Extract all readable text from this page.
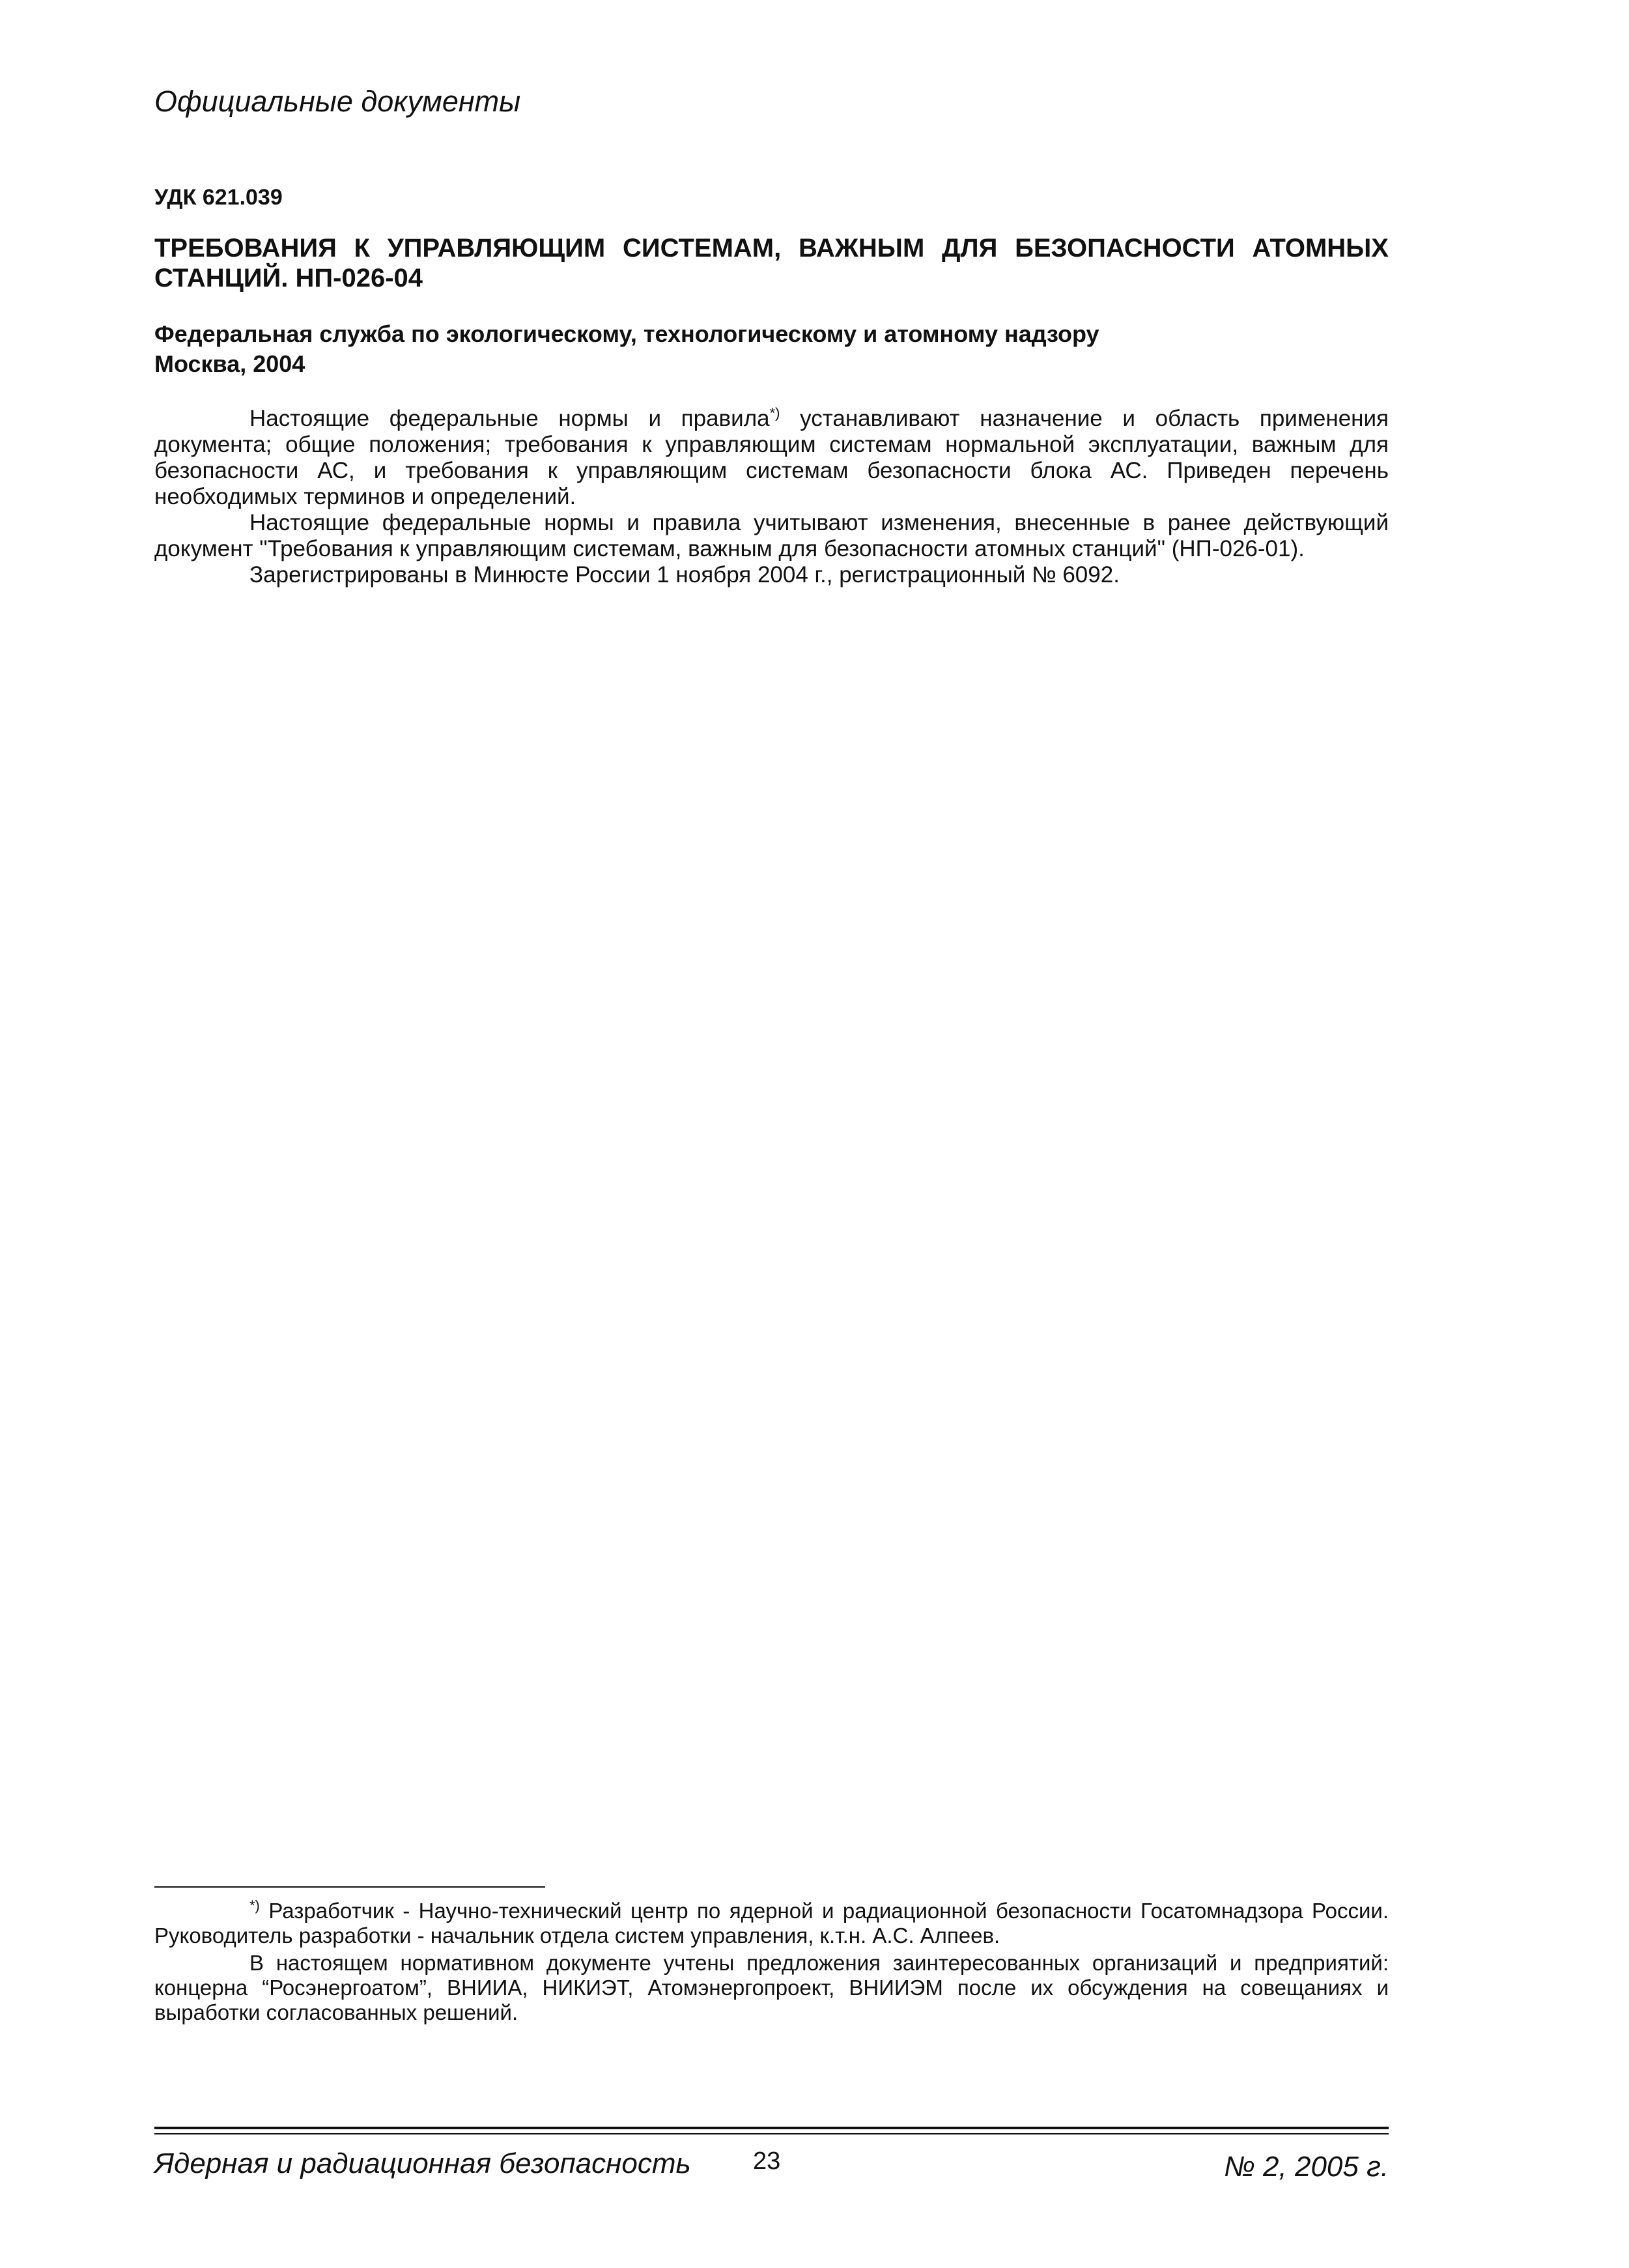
Официальные документы
УДК 621.039
ТРЕБОВАНИЯ К УПРАВЛЯЮЩИМ СИСТЕМАМ, ВАЖНЫМ ДЛЯ БЕЗОПАСНОСТИ АТОМНЫХ СТАНЦИЙ. НП-026-04
Федеральная служба по экологическому, технологическому и атомному надзору
Москва, 2004

Настоящие федеральные нормы и правила*) устанавливают назначение и область применения документа; общие положения; требования к управляющим системам нормальной эксплуатации, важным для безопасности АС, и требования к управляющим системам безопасности блока АС. Приведен перечень необходимых терминов и определений.

Настоящие федеральные нормы и правила учитывают изменения, внесенные в ранее действующий документ "Требования к управляющим системам, важным для безопасности атомных станций" (НП-026-01).

Зарегистрированы в Минюсте России 1 ноября 2004 г., регистрационный № 6092.

*) Разработчик - Научно-технический центр по ядерной и радиационной безопасности Госатомнадзора России. Руководитель разработки - начальник отдела систем управления, к.т.н. А.С. Алпеев.

В настоящем нормативном документе учтены предложения заинтересованных организаций и предприятий: концерна “Росэнергоатом”, ВНИИА, НИКИЭТ, Атомэнергопроект, ВНИИЭМ после их обсуждения на совещаниях и выработки согласованных решений.

Ядерная и радиационная безопасность	23	№ 2, 2005 г.
